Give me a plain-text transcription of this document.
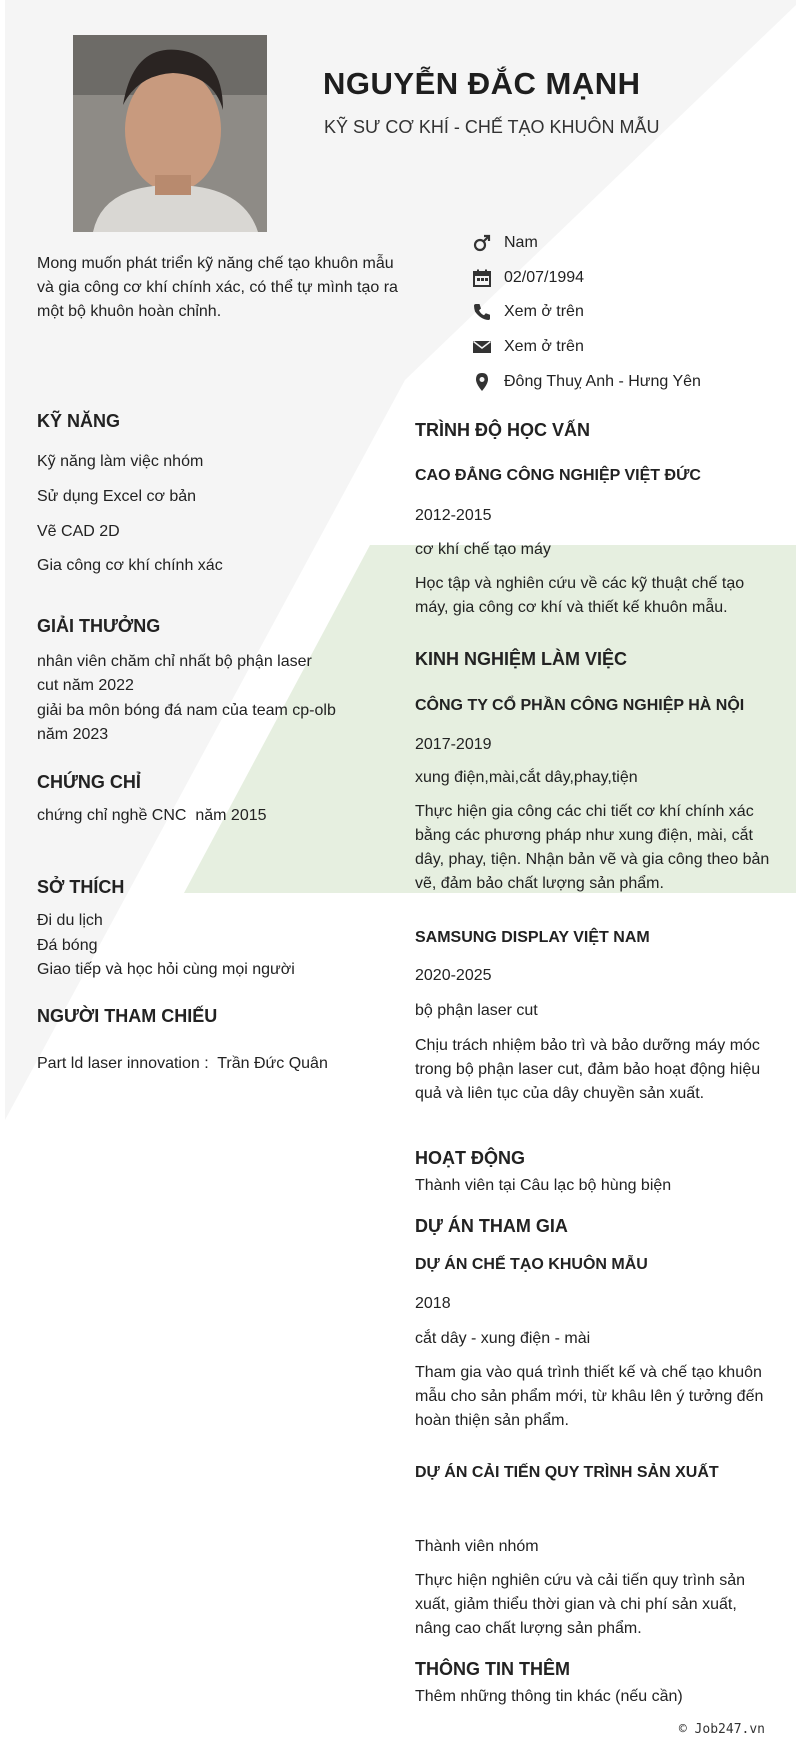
NGUYỄN ĐẮC MẠNH
KỸ SƯ CƠ KHÍ - CHẾ TẠO KHUÔN MẪU
Mong muốn phát triển kỹ năng chế tạo khuôn mẫu và gia công cơ khí chính xác, có thể tự mình tạo ra một bộ khuôn hoàn chỉnh.
Nam
02/07/1994
Xem ở trên
Xem ở trên
Đông Thuỵ Anh - Hưng Yên
KỸ NĂNG
Kỹ năng làm việc nhóm
Sử dụng Excel cơ bản
Vẽ CAD 2D
Gia công cơ khí chính xác
GIẢI THƯỞNG
nhân viên chăm chỉ nhất bộ phận laser cut năm 2022
giải ba môn bóng đá nam của team cp-olb năm 2023
CHỨNG CHỈ
chứng chỉ nghề CNC  năm 2015
SỞ THÍCH
Đi du lịch
Đá bóng
Giao tiếp và học hỏi cùng mọi người
NGƯỜI THAM CHIẾU
Part ld laser innovation :  Trần Đức Quân
TRÌNH ĐỘ HỌC VẤN
CAO ĐẲNG CÔNG NGHIỆP VIỆT ĐỨC
2012-2015
cơ khí chế tạo máy
Học tập và nghiên cứu về các kỹ thuật chế tạo máy, gia công cơ khí và thiết kế khuôn mẫu.
KINH NGHIỆM LÀM VIỆC
CÔNG TY CỔ PHẦN CÔNG NGHIỆP HÀ NỘI
2017-2019
xung điện,mài,cắt dây,phay,tiện
Thực hiện gia công các chi tiết cơ khí chính xác bằng các phương pháp như xung điện, mài, cắt dây, phay, tiện. Nhận bản vẽ và gia công theo bản vẽ, đảm bảo chất lượng sản phẩm.
SAMSUNG DISPLAY VIỆT NAM
2020-2025
bộ phận laser cut
Chịu trách nhiệm bảo trì và bảo dưỡng máy móc trong bộ phận laser cut, đảm bảo hoạt động hiệu quả và liên tục của dây chuyền sản xuất.
HOẠT ĐỘNG
Thành viên tại Câu lạc bộ hùng biện
DỰ ÁN THAM GIA
DỰ ÁN CHẾ TẠO KHUÔN MẪU
2018
cắt dây - xung điện - mài
Tham gia vào quá trình thiết kế và chế tạo khuôn mẫu cho sản phẩm mới, từ khâu lên ý tưởng đến hoàn thiện sản phẩm.
DỰ ÁN CẢI TIẾN QUY TRÌNH SẢN XUẤT
Thành viên nhóm
Thực hiện nghiên cứu và cải tiến quy trình sản xuất, giảm thiểu thời gian và chi phí sản xuất, nâng cao chất lượng sản phẩm.
THÔNG TIN THÊM
Thêm những thông tin khác (nếu cần)
© Job247.vn
